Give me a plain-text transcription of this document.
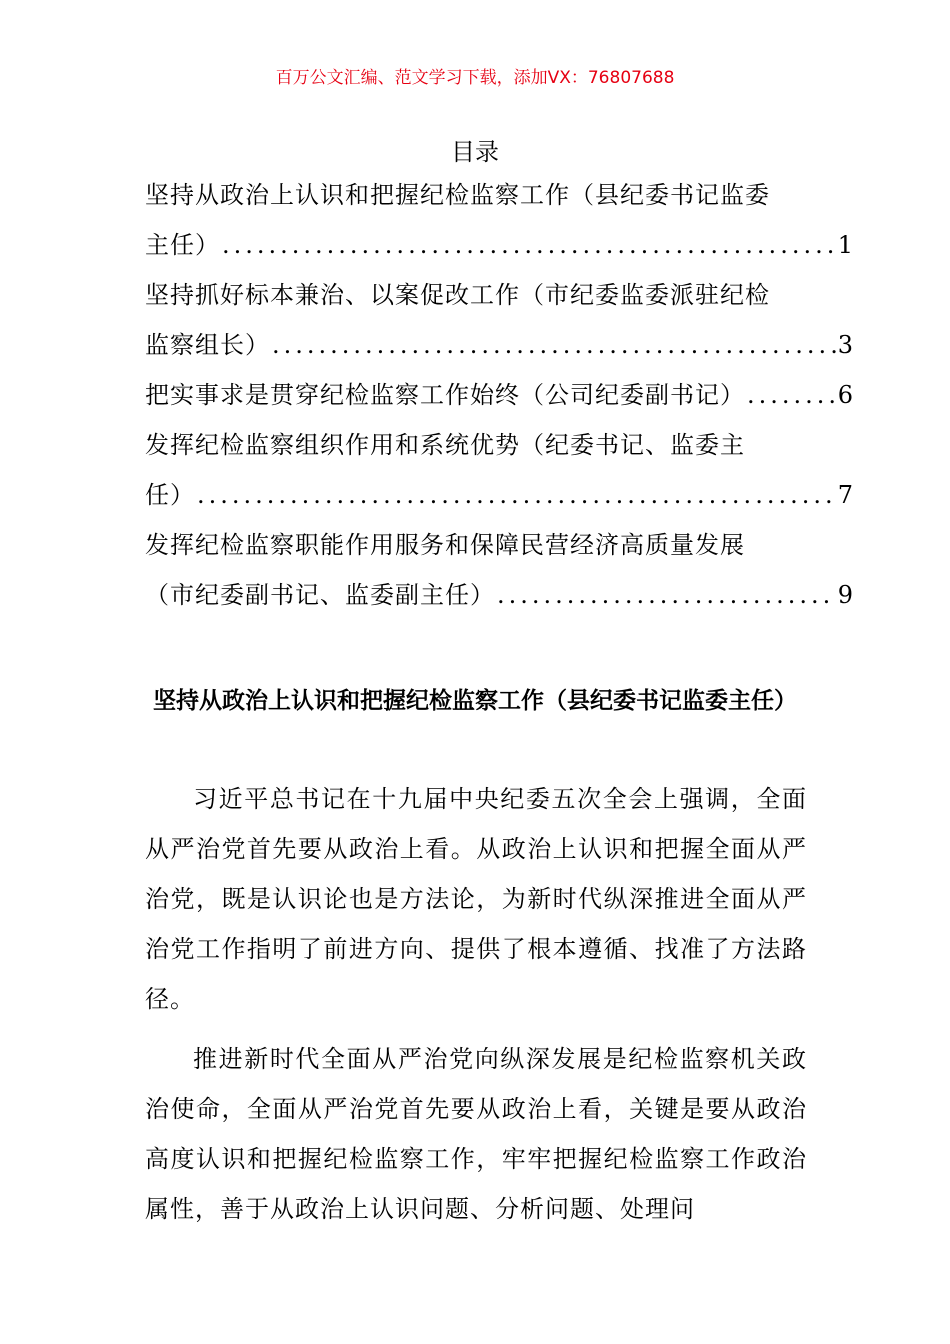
百万公文汇编、范文学习下载，添加VX：76807688
目录
坚持从政治上认识和把握纪检监察工作（县纪委书记监委
主任） .....	1
坚持抓好标本兼治、以案促改工作（市纪委监委派驻纪检
监察组长） .....	3
把实事求是贯穿纪检监察工作始终（公司纪委副书记） .....	6
发挥纪检监察组织作用和系统优势（纪委书记、监委主
任） .....	7
发挥纪检监察职能作用服务和保障民营经济高质量发展
（市纪委副书记、监委副主任） .....	9
坚持从政治上认识和把握纪检监察工作（县纪委书记监委主任）

习近平总书记在十九届中央纪委五次全会上强调，全面从严治党首先要从政治上看。从政治上认识和把握全面从严治党，既是认识论也是方法论，为新时代纵深推进全面从严治党工作指明了前进方向、提供了根本遵循、找准了方法路径。

推进新时代全面从严治党向纵深发展是纪检监察机关政治使命，全面从严治党首先要从政治上看，关键是要从政治高度认识和把握纪检监察工作，牢牢把握纪检监察工作政治属性，善于从政治上认识问题、分析问题、处理问
